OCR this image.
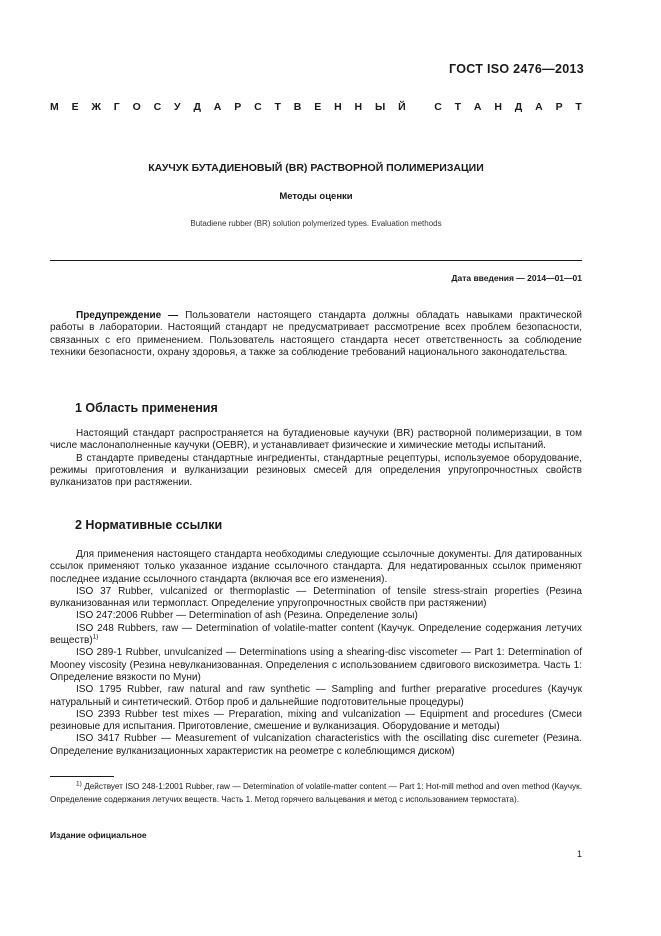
ГОСТ ISO 2476—2013
М Е Ж Г О С У Д А Р С Т В Е Н Н Ы Й
	С Т А Н Д А Р Т
КАУЧУК БУТАДИЕНОВЫЙ (BR) РАСТВОРНОЙ ПОЛИМЕРИЗАЦИИ
Методы оценки
Butadiene rubber (BR) solution polymerized types. Evaluation methods
Дата введения — 2014—01—01

Предупреждение — Пользователи настоящего стандарта должны обладать навыками практической работы в лаборатории. Настоящий стандарт не предусматривает рассмотрение всех проблем безопасности, связанных с его применением. Пользователь настоящего стандарта несет ответственность за соблюдение техники безопасности, охрану здоровья, а также за соблюдение требований национального законодательства.

1 Область применения

Настоящий стандарт распространяется на бутадиеновые каучуки (BR) растворной полимеризации, в том числе маслонаполненные каучуки (OEBR), и устанавливает физические и химические методы испытаний.

В стандарте приведены стандартные ингредиенты, стандартные рецептуры, используемое оборудование, режимы приготовления и вулканизации резиновых смесей для определения упругопрочностных свойств вулканизатов при растяжении.

2 Нормативные ссылки

Для применения настоящего стандарта необходимы следующие ссылочные документы. Для датированных ссылок применяют только указанное издание ссылочного стандарта. Для недатированных ссылок применяют последнее издание ссылочного стандарта (включая все его изменения).

ISO 37 Rubber, vulcanized or thermoplastic — Determination of tensile stress-strain properties (Резина вулканизованная или термопласт. Определение упругопрочностных свойств при растяжении)

ISO 247:2006 Rubber — Determination of ash (Резина. Определение золы)

ISO 248 Rubbers, raw — Determination of volatile-matter content (Каучук. Определение содержания летучих веществ)$^{1)}$

ISO 289-1 Rubber, unvulcanized — Determinations using a shearing-disc viscometer — Part 1: Determination of Mooney viscosity (Резина невулканизованная. Определения с использованием сдвигового вискозиметра. Часть 1: Определение вязкости по Муни)

ISO 1795 Rubber, raw natural and raw synthetic — Sampling and further preparative procedures (Каучук натуральный и синтетический. Отбор проб и дальнейшие подготовительные процедуры)

ISO 2393 Rubber test mixes — Preparation, mixing and vulcanization — Equipment and procedures (Смеси резиновые для испытания. Приготовление, смешение и вулканизация. Оборудование и методы)

ISO 3417 Rubber — Measurement of vulcanization characteristics with the oscillating disc curemeter (Резина. Определение вулканизационных характеристик на реометре с колеблющимся диском)

$^{1)}$ Действует ISO 248-1:2001 Rubber, raw — Determination of volatile-matter content — Part 1: Hot-mill method and oven method (Каучук. Определение содержания летучих веществ. Часть 1. Метод горячего вальцевания и метод с использованием термостата).

Издание официальное
1
